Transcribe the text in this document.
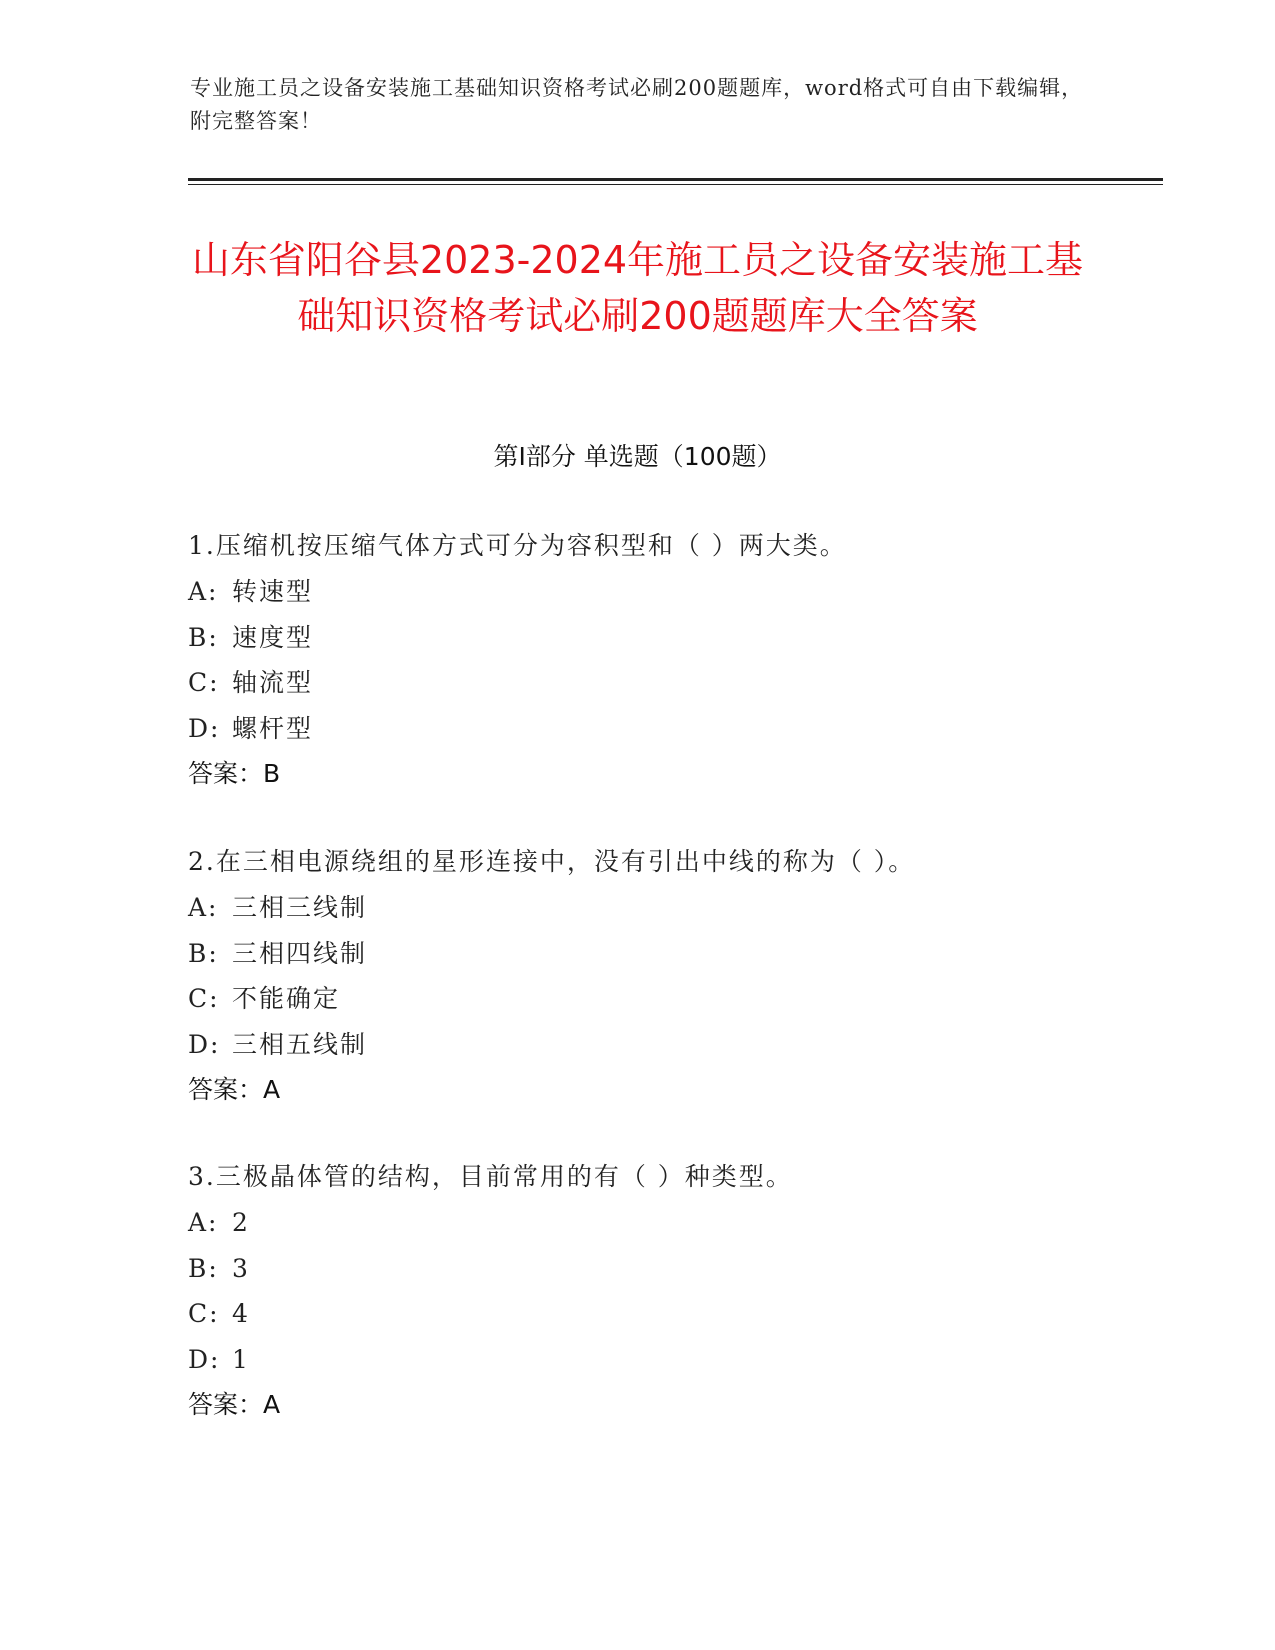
专业施工员之设备安装施工基础知识资格考试必刷200题题库，word格式可自由下载编辑，附完整答案！
山东省阳谷县2023-2024年施工员之设备安装施工基础知识资格考试必刷200题题库大全答案
第Ⅰ部分 单选题（100题）
1.压缩机按压缩气体方式可分为容积型和（ ）两大类。
A: 转速型
B: 速度型
C: 轴流型
D: 螺杆型
答案：B
2.在三相电源绕组的星形连接中，没有引出中线的称为（ ）。
A: 三相三线制
B: 三相四线制
C: 不能确定
D: 三相五线制
答案：A
3.三极晶体管的结构，目前常用的有（ ）种类型。
A: 2
B: 3
C: 4
D: 1
答案：A
